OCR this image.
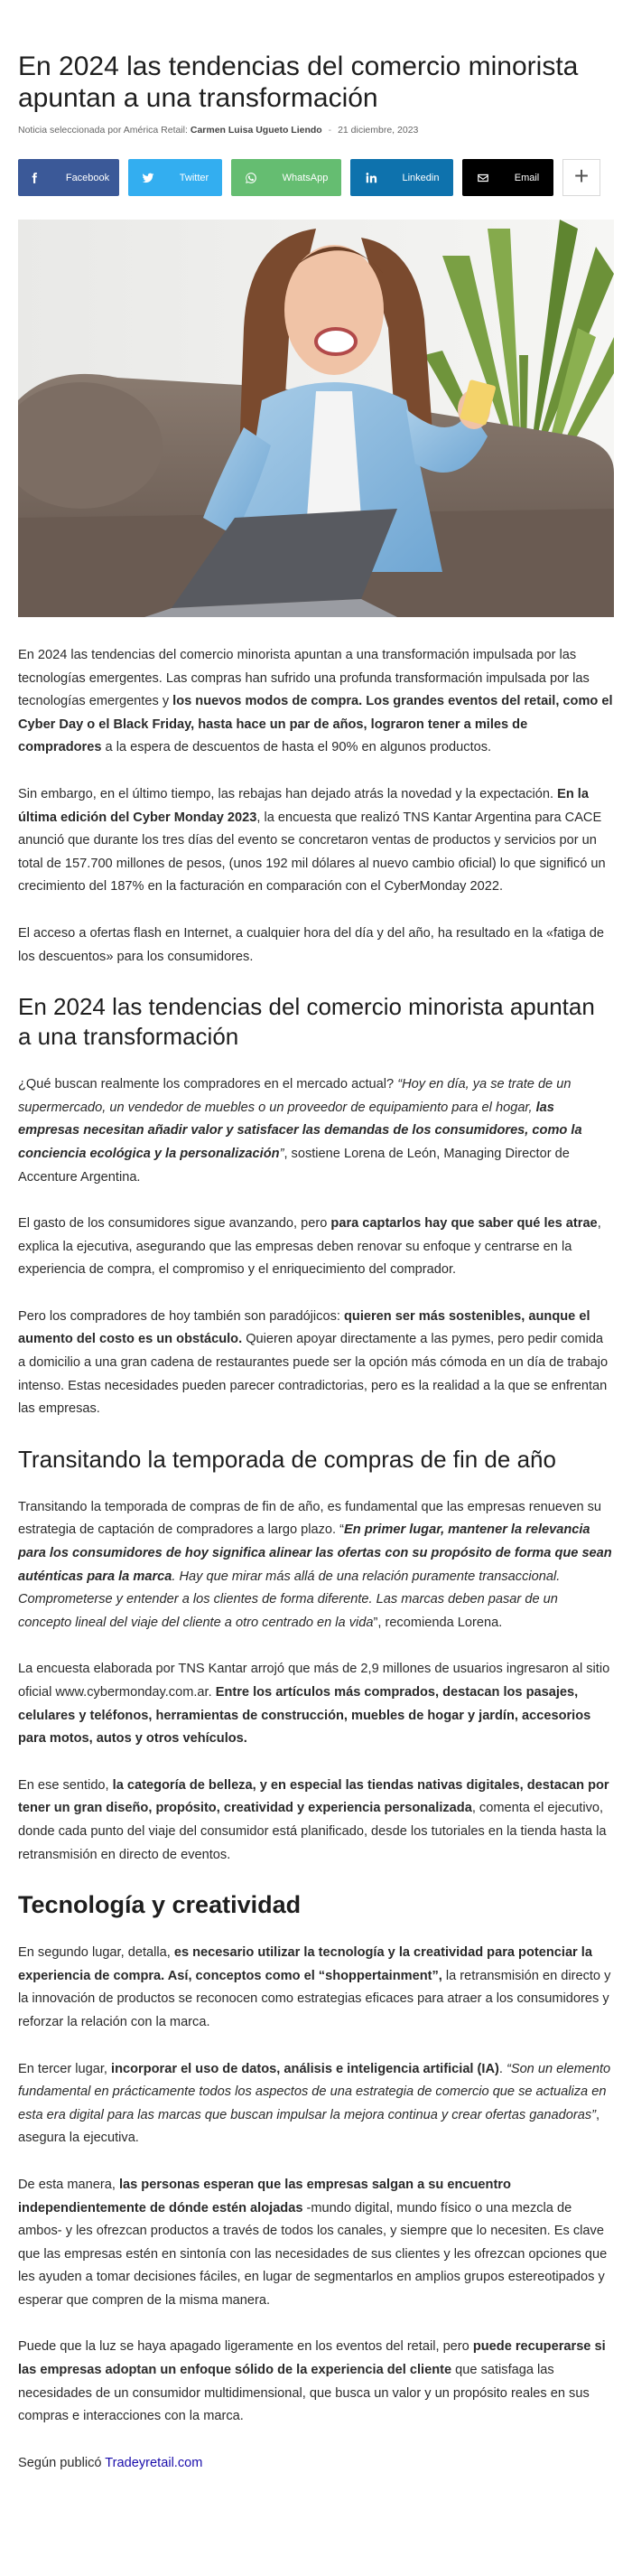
En 2024 las tendencias del comercio minorista apuntan a una transformación
Noticia seleccionada por América Retail: Carmen Luisa Ugueto Liendo - 21 diciembre, 2023
Facebook	Twitter	WhatsApp	Linkedin	Email	+

En 2024 las tendencias del comercio minorista apuntan a una transformación impulsada por las tecnologías emergentes. Las compras han sufrido una profunda transformación impulsada por las tecnologías emergentes y los nuevos modos de compra. Los grandes eventos del retail, como el Cyber Day o el Black Friday, hasta hace un par de años, lograron tener a miles de compradores a la espera de descuentos de hasta el 90% en algunos productos.

Sin embargo, en el último tiempo, las rebajas han dejado atrás la novedad y la expectación. En la última edición del Cyber Monday 2023, la encuesta que realizó TNS Kantar Argentina para CACE anunció que durante los tres días del evento se concretaron ventas de productos y servicios por un total de 157.700 millones de pesos, (unos 192 mil dólares al nuevo cambio oficial) lo que significó un crecimiento del 187% en la facturación en comparación con el CyberMonday 2022.

El acceso a ofertas flash en Internet, a cualquier hora del día y del año, ha resultado en la «fatiga de los descuentos» para los consumidores.

En 2024 las tendencias del comercio minorista apuntan a una transformación

¿Qué buscan realmente los compradores en el mercado actual? “Hoy en día, ya se trate de un supermercado, un vendedor de muebles o un proveedor de equipamiento para el hogar, las empresas necesitan añadir valor y satisfacer las demandas de los consumidores, como la conciencia ecológica y la personalización”, sostiene Lorena de León, Managing Director de Accenture Argentina.

El gasto de los consumidores sigue avanzando, pero para captarlos hay que saber qué les atrae, explica la ejecutiva, asegurando que las empresas deben renovar su enfoque y centrarse en la experiencia de compra, el compromiso y el enriquecimiento del comprador.

Pero los compradores de hoy también son paradójicos: quieren ser más sostenibles, aunque el aumento del costo es un obstáculo. Quieren apoyar directamente a las pymes, pero pedir comida a domicilio a una gran cadena de restaurantes puede ser la opción más cómoda en un día de trabajo intenso. Estas necesidades pueden parecer contradictorias, pero es la realidad a la que se enfrentan las empresas.

Transitando la temporada de compras de fin de año

Transitando la temporada de compras de fin de año, es fundamental que las empresas renueven su estrategia de captación de compradores a largo plazo. “En primer lugar, mantener la relevancia para los consumidores de hoy significa alinear las ofertas con su propósito de forma que sean auténticas para la marca. Hay que mirar más allá de una relación puramente transaccional. Comprometerse y entender a los clientes de forma diferente. Las marcas deben pasar de un concepto lineal del viaje del cliente a otro centrado en la vida”, recomienda Lorena.

La encuesta elaborada por TNS Kantar arrojó que más de 2,9 millones de usuarios ingresaron al sitio oficial www.cybermonday.com.ar. Entre los artículos más comprados, destacan los pasajes, celulares y teléfonos, herramientas de construcción, muebles de hogar y jardín, accesorios para motos, autos y otros vehículos.

En ese sentido, la categoría de belleza, y en especial las tiendas nativas digitales, destacan por tener un gran diseño, propósito, creatividad y experiencia personalizada, comenta el ejecutivo, donde cada punto del viaje del consumidor está planificado, desde los tutoriales en la tienda hasta la retransmisión en directo de eventos.

Tecnología y creatividad

En segundo lugar, detalla, es necesario utilizar la tecnología y la creatividad para potenciar la experiencia de compra. Así, conceptos como el “shoppertainment”, la retransmisión en directo y la innovación de productos se reconocen como estrategias eficaces para atraer a los consumidores y reforzar la relación con la marca.

En tercer lugar, incorporar el uso de datos, análisis e inteligencia artificial (IA). “Son un elemento fundamental en prácticamente todos los aspectos de una estrategia de comercio que se actualiza en esta era digital para las marcas que buscan impulsar la mejora continua y crear ofertas ganadoras”, asegura la ejecutiva.

De esta manera, las personas esperan que las empresas salgan a su encuentro independientemente de dónde estén alojadas -mundo digital, mundo físico o una mezcla de ambos- y les ofrezcan productos a través de todos los canales, y siempre que lo necesiten. Es clave que las empresas estén en sintonía con las necesidades de sus clientes y les ofrezcan opciones que les ayuden a tomar decisiones fáciles, en lugar de segmentarlos en amplios grupos estereotipados y esperar que compren de la misma manera.

Puede que la luz se haya apagado ligeramente en los eventos del retail, pero puede recuperarse si las empresas adoptan un enfoque sólido de la experiencia del cliente que satisfaga las necesidades de un consumidor multidimensional, que busca un valor y un propósito reales en sus compras e interacciones con la marca.

Según publicó Tradeyretail.com
